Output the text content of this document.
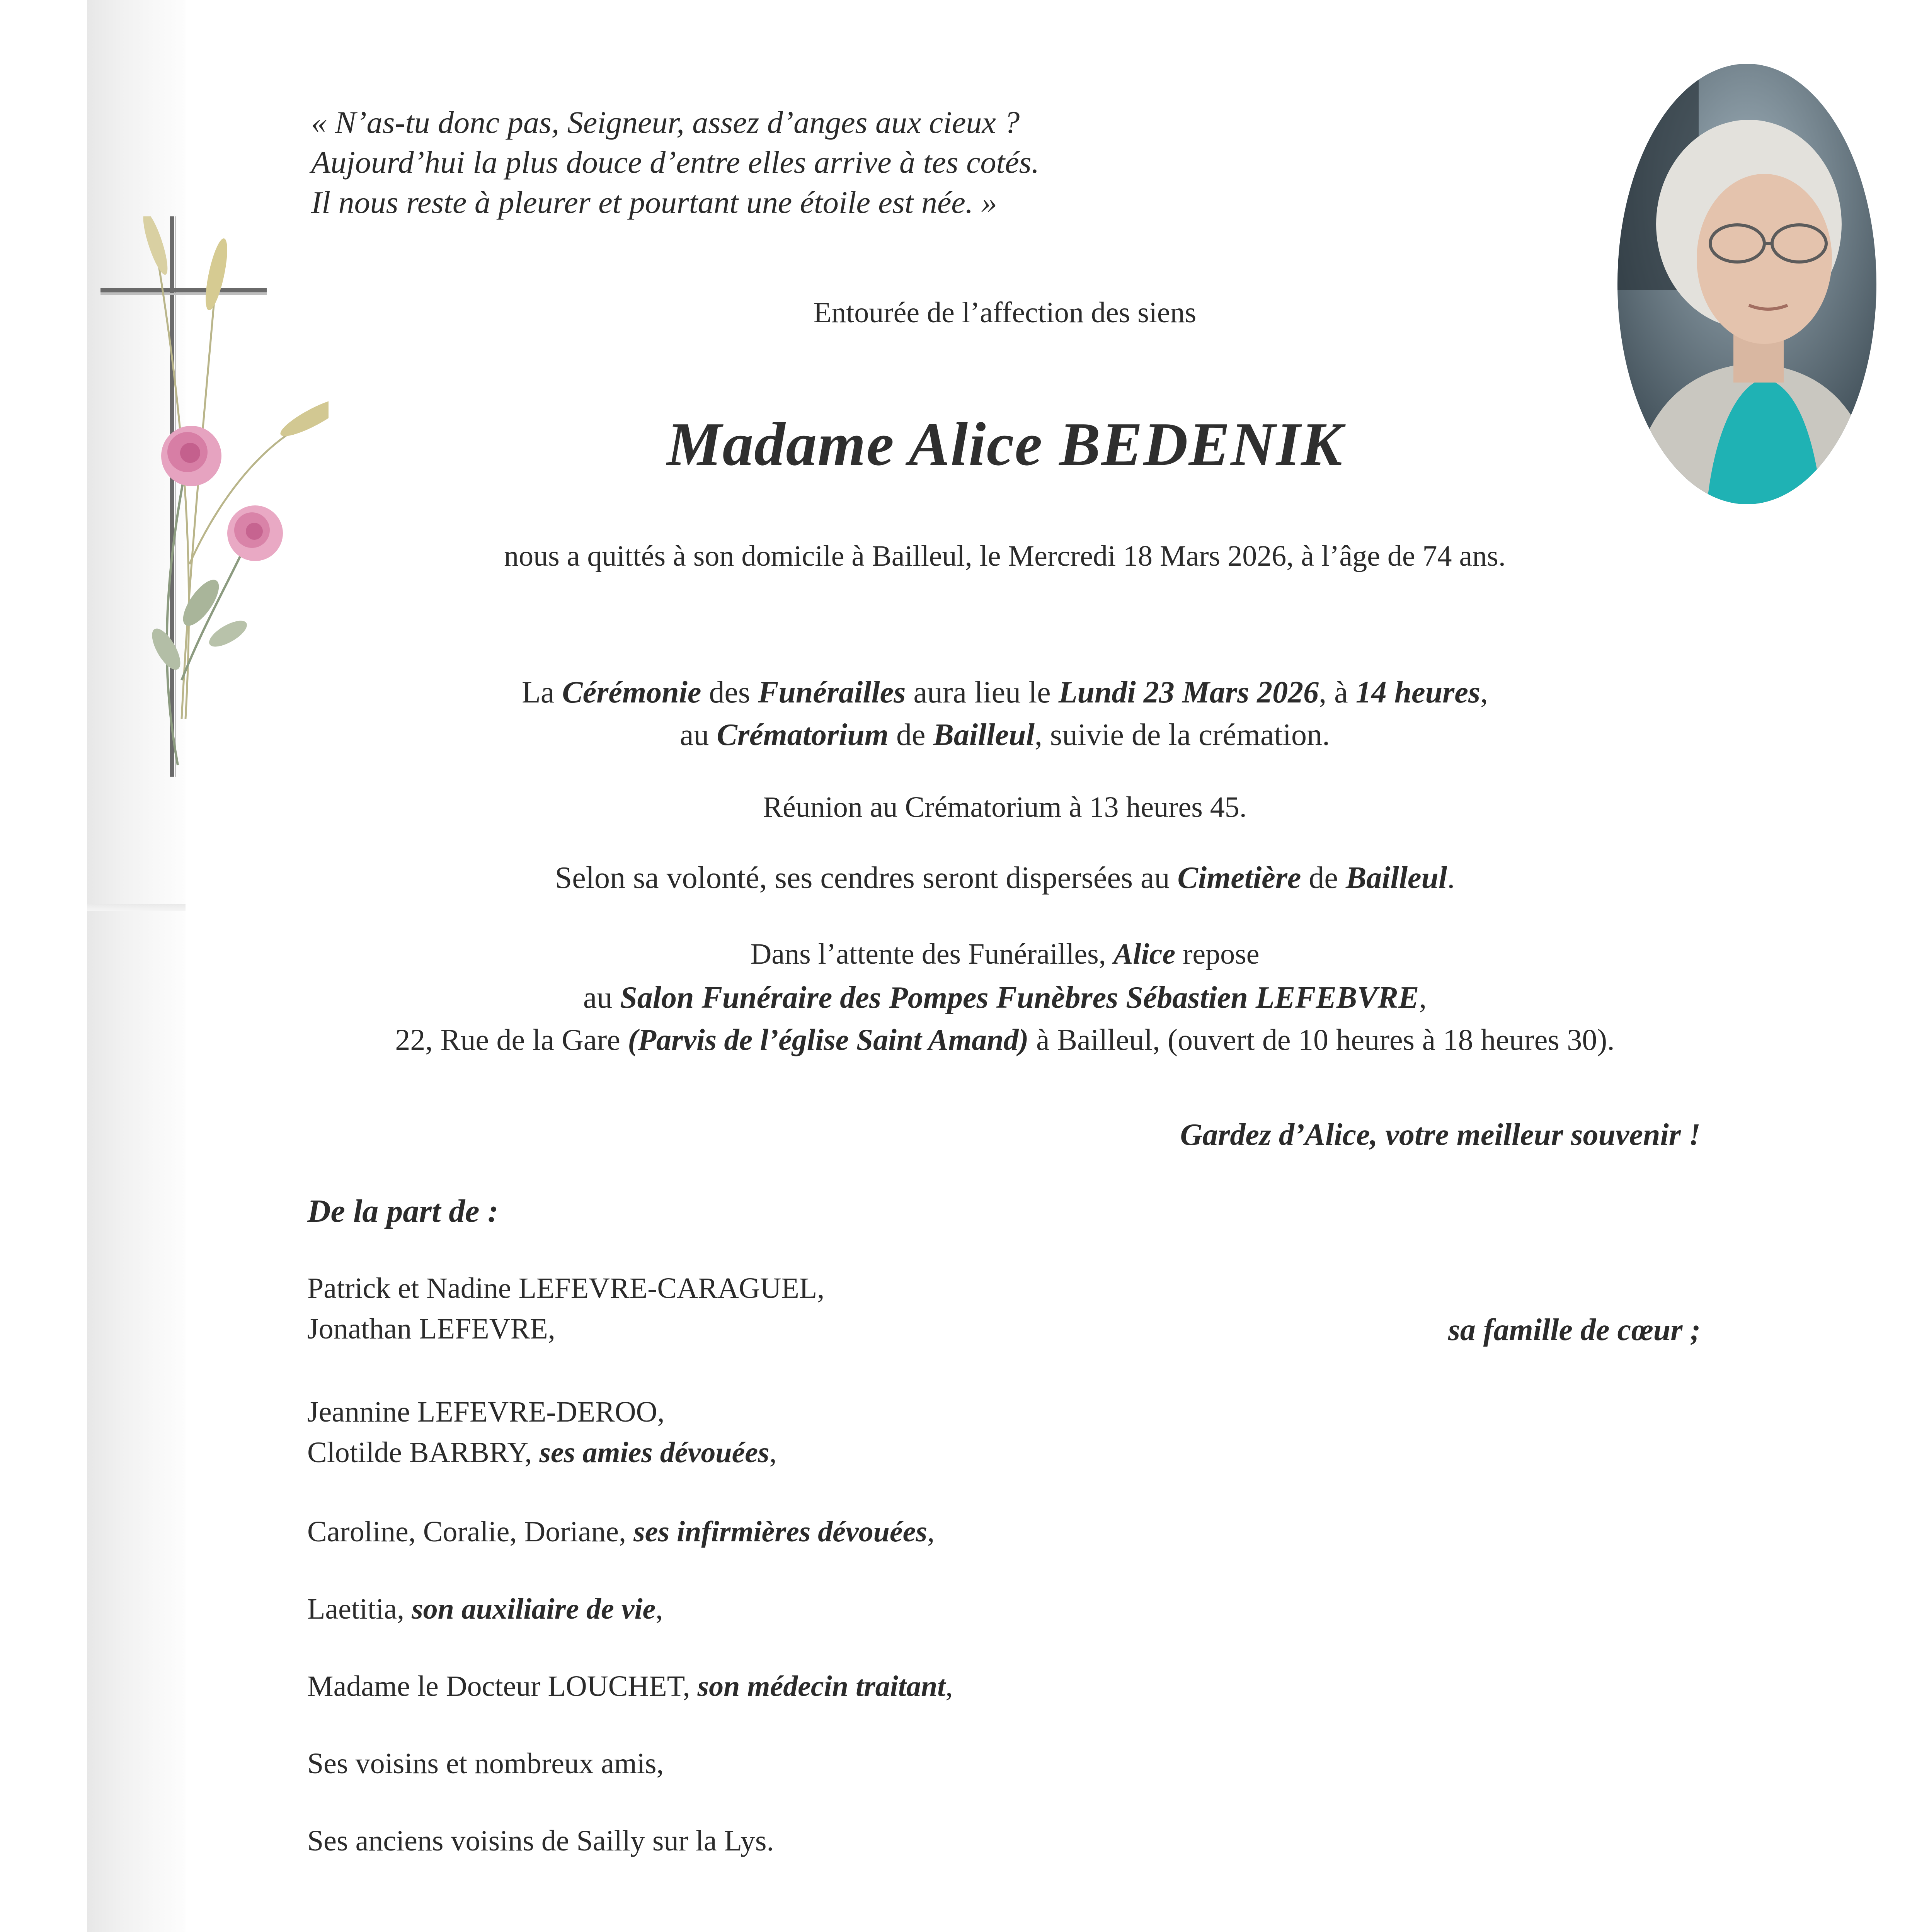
« N’as-tu donc pas, Seigneur, assez d’anges aux cieux ?
Aujourd’hui la plus douce d’entre elles arrive à tes cotés.
Il nous reste à pleurer et pourtant une étoile est née. »

Entourée de l’affection des siens

Madame Alice BEDENIK

nous a quittés à son domicile à Bailleul, le Mercredi 18 Mars 2026, à l’âge de 74 ans.

La Cérémonie des Funérailles aura lieu le Lundi 23 Mars 2026, à 14 heures,

au Crématorium de Bailleul, suivie de la crémation.

Réunion au Crématorium à 13 heures 45.

Selon sa volonté, ses cendres seront dispersées au Cimetière de Bailleul.

Dans l’attente des Funérailles, Alice repose

au Salon Funéraire des Pompes Funèbres Sébastien LEFEBVRE,

22, Rue de la Gare (Parvis de l’église Saint Amand) à Bailleul, (ouvert de 10 heures à 18 heures 30).

Gardez d’Alice, votre meilleur souvenir !

De la part de :

Patrick et Nadine LEFEVRE-CARAGUEL,

Jonathan LEFEVRE,	sa famille de cœur ;

Jeannine LEFEVRE-DEROO,

Clotilde BARBRY, ses amies dévouées,

Caroline, Coralie, Doriane, ses infirmières dévouées,

Laetitia, son auxiliaire de vie,

Madame le Docteur LOUCHET, son médecin traitant,

Ses voisins et nombreux amis,

Ses anciens voisins de Sailly sur la Lys.
